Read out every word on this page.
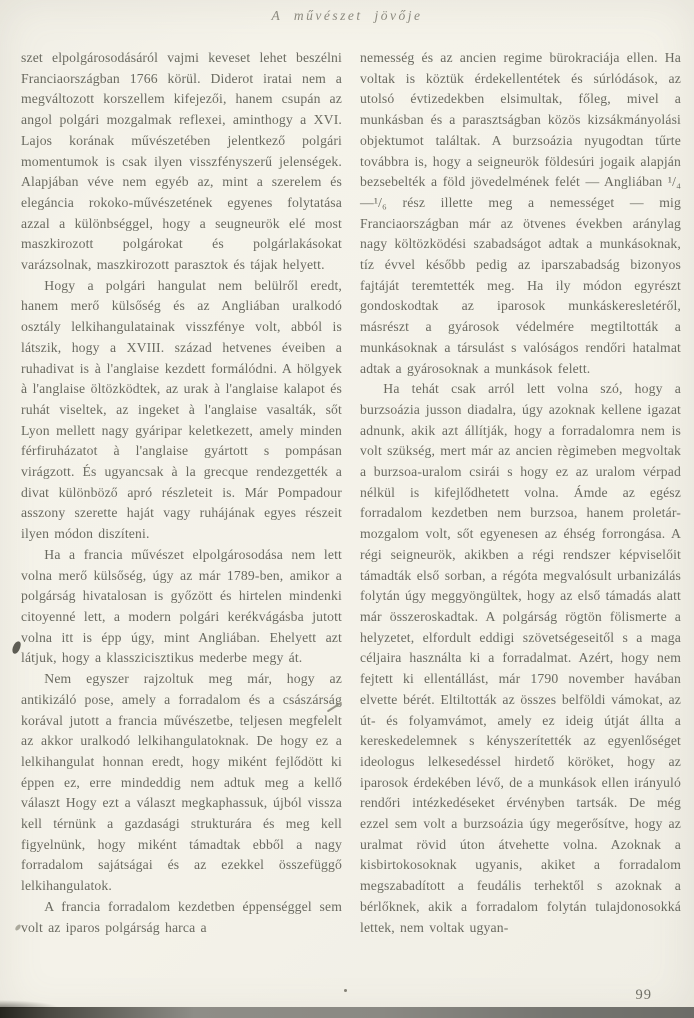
A művészet jövője

szet elpolgárosodásáról vajmi keveset lehet beszélni Franciaországban 1766 körül. Diderot iratai nem a megváltozott korszellem kifejezői, hanem csupán az angol polgári mozgalmak reflexei, aminthogy a XVI. Lajos korának művészetében jelentkező polgári momentumok is csak ilyen visszfényszerű jelenségek. Alapjában véve nem egyéb az, mint a szerelem és elegáncia rokoko-művészetének egyenes folytatása azzal a különbséggel, hogy a seugneurök elé most maszkirozott polgárokat és polgárlakásokat varázsolnak, maszkirozott parasztok és tájak helyett.

Hogy a polgári hangulat nem belülről eredt, hanem merő külsőség és az Angliában uralkodó osztály lelkihangulatainak visszfénye volt, abból is látszik, hogy a XVIII. század hetvenes éveiben a ruhadivat is à l'anglaise kezdett formálódni. A hölgyek à l'anglaise öltözködtek, az urak à l'anglaise kalapot és ruhát viseltek, az ingeket à l'anglaise vasalták, sőt Lyon mellett nagy gyáripar keletkezett, amely minden férfiruházatot à l'anglaise gyártott s pompásan virágzott. És ugyancsak à la grecque rendezgették a divat különböző apró részleteit is. Már Pompadour asszony szerette haját vagy ruhájának egyes részeit ilyen módon diszíteni.

Ha a francia művészet elpolgárosodása nem lett volna merő külsőség, úgy az már 1789-ben, amikor a polgárság hivatalosan is győzött és hirtelen mindenki citoyenné lett, a modern polgári kerékvágásba jutott volna itt is épp úgy, mint Angliában. Ehelyett azt látjuk, hogy a klasszicisztikus mederbe megy át.

Nem egyszer rajzoltuk meg már, hogy az antikizáló pose, amely a forradalom és a császárság korával jutott a francia művészetbe, teljesen megfelelt az akkor uralkodó lelkihangulatoknak. De hogy ez a lelkihangulat honnan eredt, hogy miként fejlődött ki éppen ez, erre mindeddig nem adtuk meg a kellő választ Hogy ezt a választ megkaphassuk, újból vissza kell térnünk a gazdasági strukturára és meg kell figyelnünk, hogy miként támadtak ebből a nagy forradalom sajátságai és az ezekkel összefüggő lelkihangulatok.

A francia forradalom kezdetben éppenséggel sem volt az iparos polgárság harca a

nemesség és az ancien regime bürokraciája ellen. Ha voltak is köztük érdekellentétek és súrlódások, az utolsó évtizedekben elsimultak, főleg, mivel a munkásban és a parasztságban közös kizsákmányolási objektumot találtak. A burzsoázia nyugodtan tűrte továbbra is, hogy a seigneurök földesúri jogaik alapján bezsebelték a föld jövedelmének felét — Angliában ¹/₄—¹/₆ rész illette meg a nemességet — mig Franciaországban már az ötvenes években aránylag nagy költözködési szabadságot adtak a munkásoknak, tíz évvel később pedig az iparszabadság bizonyos fajtáját teremtették meg. Ha ily módon egyrészt gondoskodtak az iparosok munkáskeresletéről, másrészt a gyárosok védelmére megtiltották a munkásoknak a társulást s valóságos rendőri hatalmat adtak a gyárosoknak a munkások felett.

Ha tehát csak arról lett volna szó, hogy a burzsoázia jusson diadalra, úgy azoknak kellene igazat adnunk, akik azt állítják, hogy a forradalomra nem is volt szükség, mert már az ancien règimeben megvoltak a burzsoa-uralom csirái s hogy ez az uralom vérpad nélkül is kifejlődhetett volna. Ámde az egész forradalom kezdetben nem burzsoa, hanem proletár-mozgalom volt, sőt egyenesen az éhség forrongása. A régi seigneurök, akikben a régi rendszer képviselőit támadták első sorban, a régóta megvalósult urbanizálás folytán úgy meggyöngültek, hogy az első támadás alatt már összeroskadtak. A polgárság rögtön fölismerte a helyzetet, elfordult eddigi szövetségeseitől s a maga céljaira használta ki a forradalmat. Azért, hogy nem fejtett ki ellentállást, már 1790 november havában elvette bérét. Eltiltották az összes belföldi vámokat, az út- és folyamvámot, amely ez ideig útját állta a kereskedelemnek s kényszerítették az egyenlőséget ideologus lelkesedéssel hirdető köröket, hogy az iparosok érdekében lévő, de a munkások ellen irányuló rendőri intézkedéseket érvényben tartsák. De még ezzel sem volt a burzsoázia úgy megerősítve, hogy az uralmat rövid úton átvehette volna. Azoknak a kisbirtokosoknak ugyanis, akiket a forradalom megszabadított a feudális terhektől s azoknak a bérlőknek, akik a forradalom folytán tulajdonosokká lettek, nem voltak ugyan-

99
